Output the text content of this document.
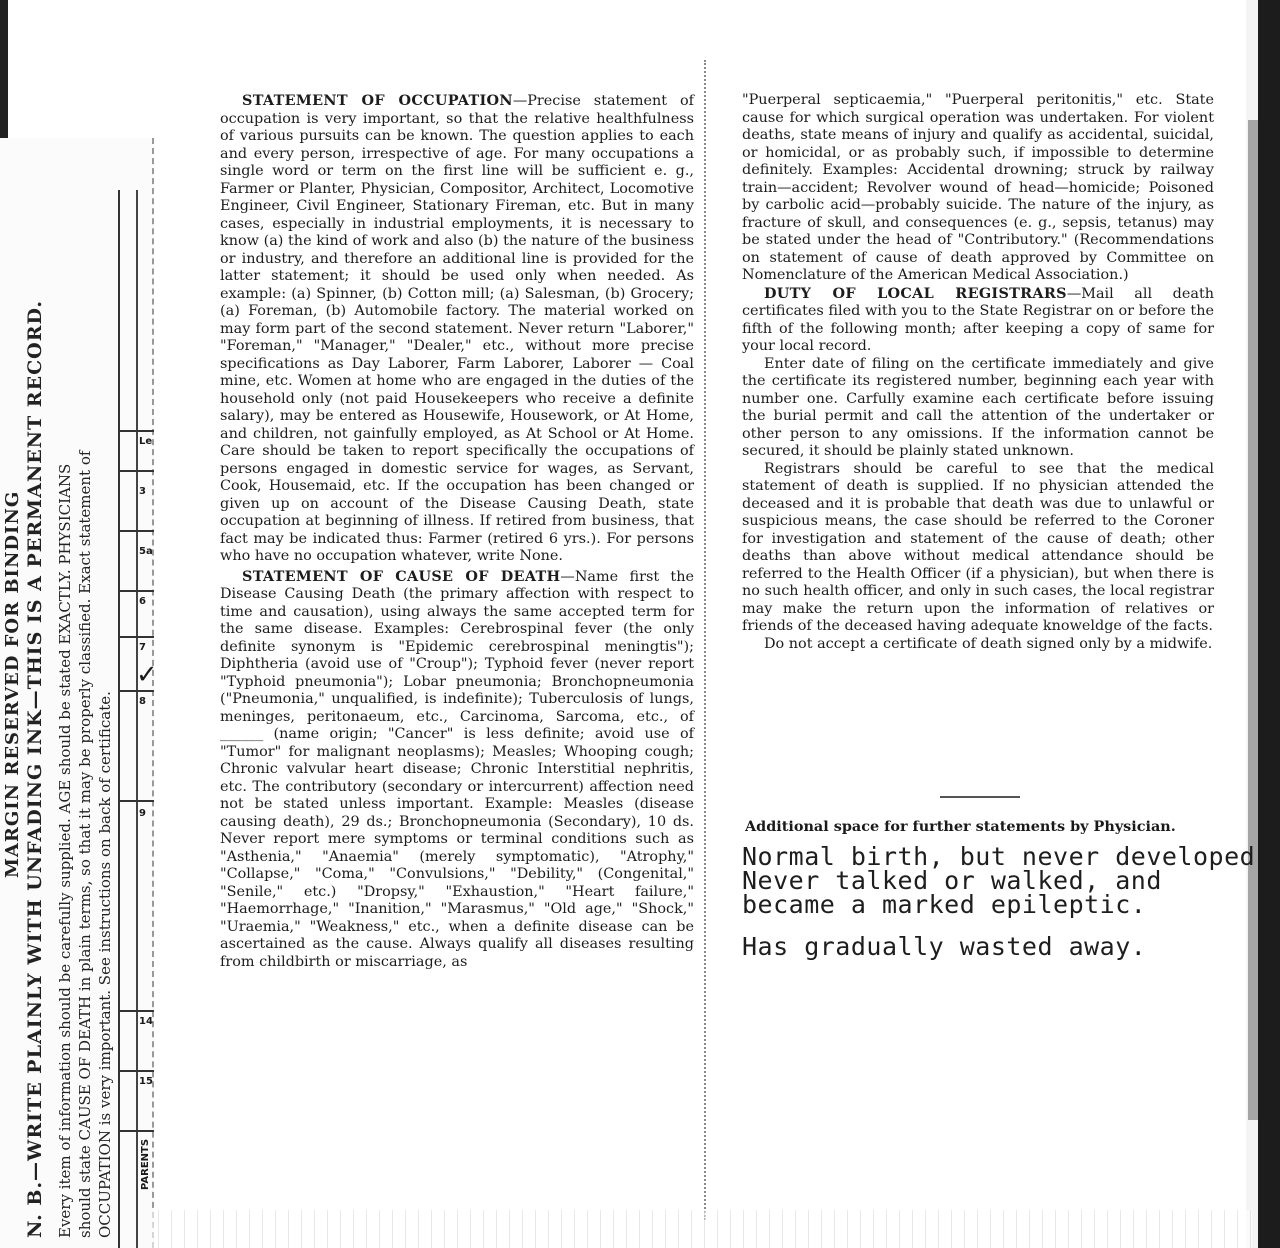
MARGIN RESERVED FOR BINDING N. B.—WRITE PLAINLY WITH UNFADING INK—THIS IS A PERMANENT RECORD. Every item of information should be carefully supplied. AGE should be stated EXACTLY. PHYSICIANS should state CAUSE OF DEATH in plain terms, so that it may be properly classified. Exact statement of OCCUPATION is very important. See instructions on back of certificate.
Le
3
5a
6
7
✓
8
9
PARENTS
14
15

STATEMENT OF OCCUPATION—Precise statement of occupation is very important, so that the relative healthfulness of various pursuits can be known. The question applies to each and every person, irrespective of age. For many occupations a single word or term on the first line will be sufficient e. g., Farmer or Planter, Physician, Compositor, Architect, Locomotive Engineer, Civil Engineer, Stationary Fireman, etc. But in many cases, especially in industrial employments, it is necessary to know (a) the kind of work and also (b) the nature of the business or industry, and therefore an additional line is provided for the latter statement; it should be used only when needed. As example: (a) Spinner, (b) Cotton mill; (a) Salesman, (b) Grocery; (a) Foreman, (b) Automobile factory. The material worked on may form part of the second statement. Never return "Laborer," "Foreman," "Manager," "Dealer," etc., without more precise specifications as Day Laborer, Farm Laborer, Laborer — Coal mine, etc. Women at home who are engaged in the duties of the household only (not paid Housekeepers who receive a definite salary), may be entered as Housewife, Housework, or At Home, and children, not gainfully employed, as At School or At Home. Care should be taken to report specifically the occupations of persons engaged in domestic service for wages, as Servant, Cook, Housemaid, etc. If the occupation has been changed or given up on account of the Disease Causing Death, state occupation at beginning of illness. If retired from business, that fact may be indicated thus: Farmer (retired 6 yrs.). For persons who have no occupation whatever, write None.

STATEMENT OF CAUSE OF DEATH—Name first the Disease Causing Death (the primary affection with respect to time and causation), using always the same accepted term for the same disease. Examples: Cerebrospinal fever (the only definite synonym is "Epidemic cerebrospinal meningtis"); Diphtheria (avoid use of "Croup"); Typhoid fever (never report "Typhoid pneumonia"); Lobar pneumonia; Bronchopneumonia ("Pneumonia," unqualified, is indefinite); Tuberculosis of lungs, meninges, peritonaeum, etc., Carcinoma, Sarcoma, etc., of ______ (name origin; "Cancer" is less definite; avoid use of "Tumor" for malignant neoplasms); Measles; Whooping cough; Chronic valvular heart disease; Chronic Interstitial nephritis, etc. The contributory (secondary or intercurrent) affection need not be stated unless important. Example: Measles (disease causing death), 29 ds.; Bronchopneumonia (Secondary), 10 ds. Never report mere symptoms or terminal conditions such as "Asthenia," "Anaemia" (merely symptomatic), "Atrophy," "Collapse," "Coma," "Convulsions," "Debility," (Congenital," "Senile," etc.) "Dropsy," "Exhaustion," "Heart failure," "Haemorrhage," "Inanition," "Marasmus," "Old age," "Shock," "Uraemia," "Weakness," etc., when a definite disease can be ascertained as the cause. Always qualify all diseases resulting from childbirth or miscarriage, as

"Puerperal septicaemia," "Puerperal peritonitis," etc. State cause for which surgical operation was undertaken. For violent deaths, state means of injury and qualify as accidental, suicidal, or homicidal, or as probably such, if impossible to determine definitely. Examples: Accidental drowning; struck by railway train—accident; Revolver wound of head—homicide; Poisoned by carbolic acid—probably suicide. The nature of the injury, as fracture of skull, and consequences (e. g., sepsis, tetanus) may be stated under the head of "Contributory." (Recommendations on statement of cause of death approved by Committee on Nomenclature of the American Medical Association.)

DUTY OF LOCAL REGISTRARS—Mail all death certificates filed with you to the State Registrar on or before the fifth of the following month; after keeping a copy of same for your local record.

Enter date of filing on the certificate immediately and give the certificate its registered number, beginning each year with number one. Carfully examine each certificate before issuing the burial permit and call the attention of the undertaker or other person to any omissions. If the information cannot be secured, it should be plainly stated unknown.

Registrars should be careful to see that the medical statement of death is supplied. If no physician attended the deceased and it is probable that death was due to unlawful or suspicious means, the case should be referred to the Coroner for investigation and statement of the cause of death; other deaths than above without medical attendance should be referred to the Health Officer (if a physician), but when there is no such health officer, and only in such cases, the local registrar may make the return upon the information of relatives or friends of the deceased having adequate knoweldge of the facts.

Do not accept a certificate of death signed only by a midwife.

Additional space for further statements by Physician.
Normal birth, but never developed
Never talked or walked, and
became a marked epileptic.
Has gradually wasted away.
